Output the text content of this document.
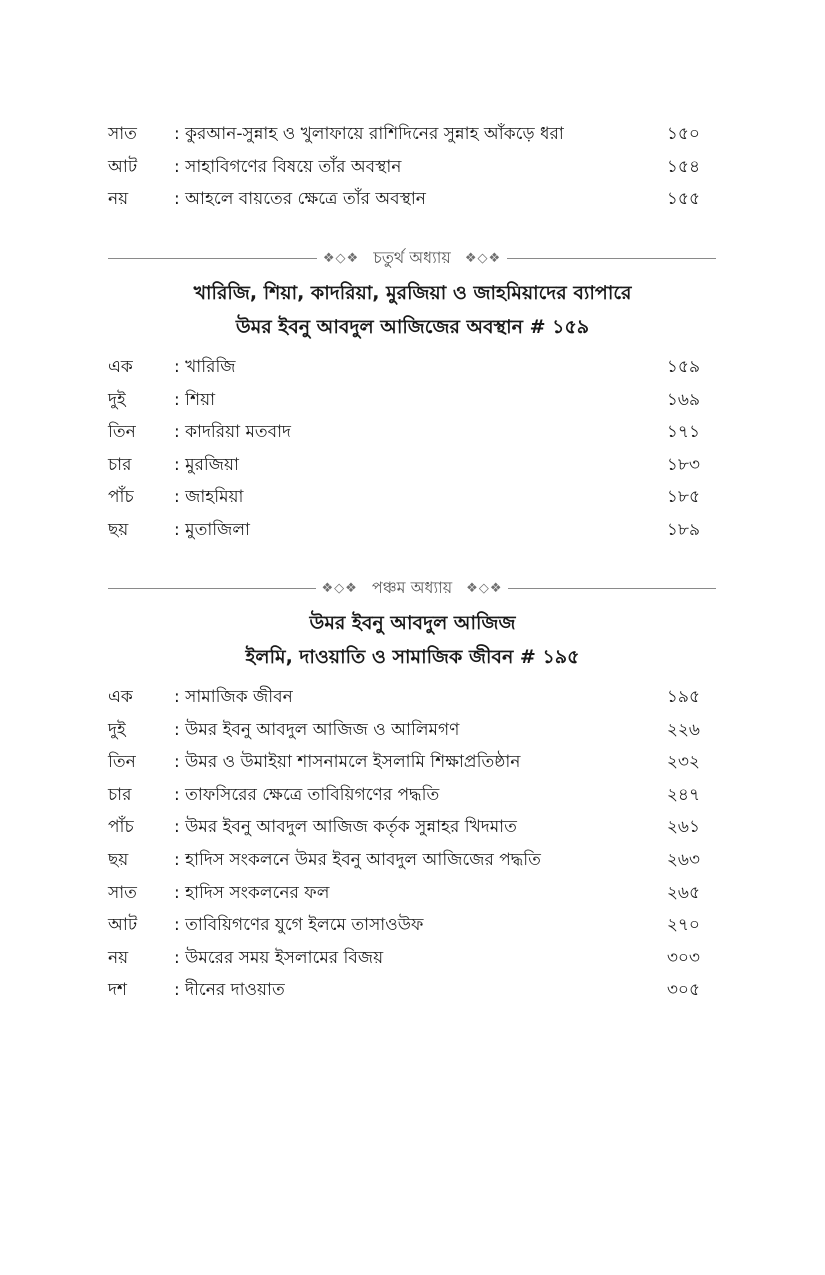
সাত	: কুরআন-সুন্নাহ ও খুলাফায়ে রাশিদিনের সুন্নাহ আঁকড়ে ধরা	১৫০
আট	: সাহাবিগণের বিষয়ে তাঁর অবস্থান	১৫৪
নয়	: আহলে বায়তের ক্ষেত্রে তাঁর অবস্থান	১৫৫
❖◇❖ চতুর্থ অধ্যায়	❖◇❖
খারিজি, শিয়া, কাদরিয়া, মুরজিয়া ও জাহমিয়াদের ব্যাপারে
উমর ইবনু আবদুল আজিজের অবস্থান # ১৫৯
এক	: খারিজি	১৫৯
দুই	: শিয়া	১৬৯
তিন	: কাদরিয়া মতবাদ	১৭১
চার	: মুরজিয়া	১৮৩
পাঁচ	: জাহমিয়া	১৮৫
ছয়	: মুতাজিলা	১৮৯
❖◇❖ পঞ্চম অধ্যায়	❖◇❖
উমর ইবনু আবদুল আজিজ
ইলমি, দাওয়াতি ও সামাজিক জীবন # ১৯৫
এক	: সামাজিক জীবন	১৯৫
দুই	: উমর ইবনু আবদুল আজিজ ও আলিমগণ	২২৬
তিন	: উমর ও উমাইয়া শাসনামলে ইসলামি শিক্ষাপ্রতিষ্ঠান	২৩২
চার	: তাফসিরের ক্ষেত্রে তাবিয়িগণের পদ্ধতি	২৪৭
পাঁচ	: উমর ইবনু আবদুল আজিজ কর্তৃক সুন্নাহর খিদমাত	২৬১
ছয়	: হাদিস সংকলনে উমর ইবনু আবদুল আজিজের পদ্ধতি	২৬৩
সাত	: হাদিস সংকলনের ফল	২৬৫
আট	: তাবিয়িগণের যুগে ইলমে তাসাওউফ	২৭০
নয়	: উমরের সময় ইসলামের বিজয়	৩০৩
দশ	: দীনের দাওয়াত	৩০৫
